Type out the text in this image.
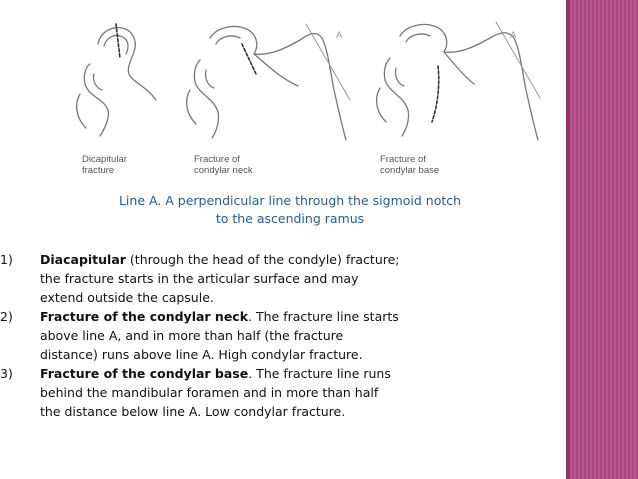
Dicapitular
fracture
Fracture of
condylar neck
Fracture of
condylar base
A	A
Line A. A perpendicular line through the sigmoid notch
to the ascending ramus
1) Diacapitular (through the head of the condyle) fracture;
the fracture starts in the articular surface and may
extend outside the capsule.
2) Fracture of the condylar neck. The fracture line starts
above line A, and in more than half (the fracture
distance) runs above line A. High condylar fracture.
3) Fracture of the condylar base. The fracture line runs
behind the mandibular foramen and in more than half
the distance below line A. Low condylar fracture.
